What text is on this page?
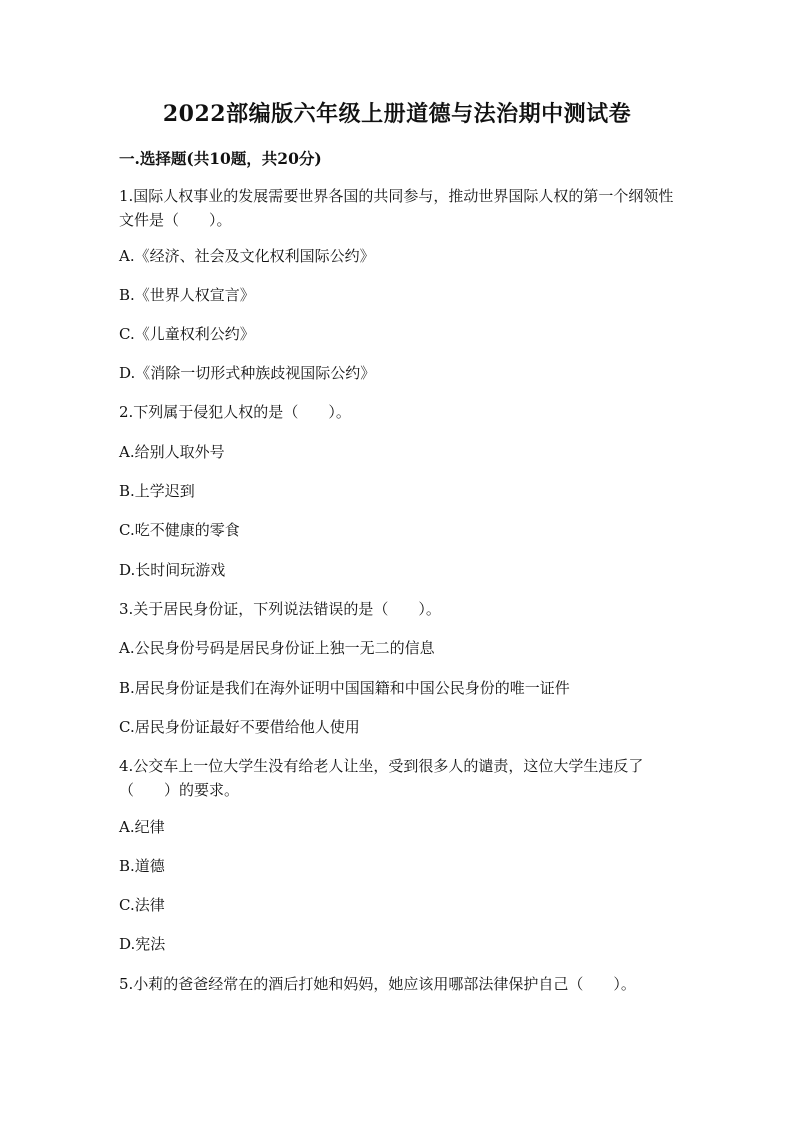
2022部编版六年级上册道德与法治期中测试卷
一.选择题(共10题，共20分)
1.国际人权事业的发展需要世界各国的共同参与，推动世界国际人权的第一个纲领性文件是（　　）。
A.《经济、社会及文化权利国际公约》
B.《世界人权宣言》
C.《儿童权利公约》
D.《消除一切形式种族歧视国际公约》
2.下列属于侵犯人权的是（　　）。
A.给别人取外号
B.上学迟到
C.吃不健康的零食
D.长时间玩游戏
3.关于居民身份证，下列说法错误的是（　　）。
A.公民身份号码是居民身份证上独一无二的信息
B.居民身份证是我们在海外证明中国国籍和中国公民身份的唯一证件
C.居民身份证最好不要借给他人使用
4.公交车上一位大学生没有给老人让坐，受到很多人的谴责，这位大学生违反了（　　）的要求。
A.纪律
B.道德
C.法律
D.宪法
5.小莉的爸爸经常在的酒后打她和妈妈，她应该用哪部法律保护自己（　　）。
